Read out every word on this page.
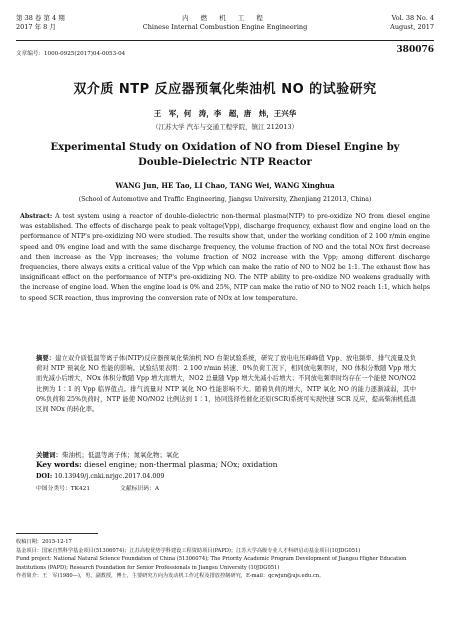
第 38 卷 第 4 期
2017 年 8 月
内 燃 机 工 程
Chinese Internal Combustion Engine Engineering
Vol. 38 No. 4
August, 2017
文章编号：1000-0925(2017)04-0053-04	380076
双介质 NTP 反应器预氧化柴油机 NO 的试验研究
王　军，何　涛，李　超，唐　炜，王兴华
（江苏大学 汽车与交通工程学院，镇江 212013）
Experimental Study on Oxidation of NO from Diesel Engine by
Double-Dielectric NTP Reactor
WANG Jun, HE Tao, LI Chao, TANG Wei, WANG Xinghua
(School of Automotive and Traffic Engineering, Jiangsu University, Zhenjiang 212013, China)
Abstract: A test system using a reactor of double-dielectric non-thermal plasma(NTP) to pre-oxidize NO from diesel engine was established. The effects of discharge peak to peak voltage(Vpp), discharge frequency, exhaust flow and engine load on the performance of NTP's pre-oxidizing NO were studied. The results show that, under the working condition of 2 100 r/min engine speed and 0% engine load and with the same discharge frequency, the volume fraction of NO and the total NOx first decrease and then increase as the Vpp increases; the volume fraction of NO2 increase with the Vpp; among different discharge frequencies, there always exits a critical value of the Vpp which can make the ratio of NO to NO2 be 1:1. The exhaust flow has insignificant effect on the performance of NTP's pre-oxidizing NO. The NTP ability to pre-oxidize NO weakens gradually with the increase of engine load. When the engine load is 0% and 25%, NTP can make the ratio of NO to NO2 reach 1:1, which helps to speed SCR reaction, thus improving the conversion rate of NOx at low temperature.
摘要：建立双介质低温等离子体(NTP)反应器预氧化柴油机 NO 台架试验系统，研究了放电电压峰峰值 Vpp、放电频率、排气流量及负荷对 NTP 预氧化 NO 性能的影响。试验结果表明：2 100 r/min 转速、0%负荷工况下，相同放电频率时，NO 体积分数随 Vpp 增大而先减小后增大，NOx 体积分数随 Vpp 增大而增大，NO2 总量随 Vpp 增大先减小后增大；不同放电频率时均存在一个能使 NO/NO2 比例为 1∶1 的 Vpp 临界值点。排气流量对 NTP 氧化 NO 性能影响不大。随着负荷的增大，NTP 氧化 NO 的能力逐渐减弱，其中 0%负荷和 25%负荷时，NTP 能使 NO/NO2 比例达到 1∶1，协同选择性催化还原(SCR)系统可实现快速 SCR 反应，提高柴油机低温区间 NOx 的转化率。
关键词：柴油机；低温等离子体；氮氧化物；氧化
Key words: diesel engine; non-thermal plasma; NOx; oxidation
DOI: 10.13949/j.cnki.nrjgc.2017.04.009
中图分类号：TK421	文献标识码：A
收稿日期：2015-12-17
基金项目：国家自然科学基金项目(51306074)；江苏高校优势学科建设工程资助项目(PAPD)；江苏大学高级专业人才科研启动基金项目(10JDG051)
Fund project: National Natural Science Foundation of China (51306074); The Priority Academic Program Development of Jiangsu Higher Education Institutions (PAPD); Research Foundation for Senior Professionals in Jiangsu University (10JDG051)
作者简介：王　军(1980—)，男，副教授，博士，主要研究方向为发动机工作过程及排放控制研究，E-mail：qcwjun@ujs.edu.cn。
